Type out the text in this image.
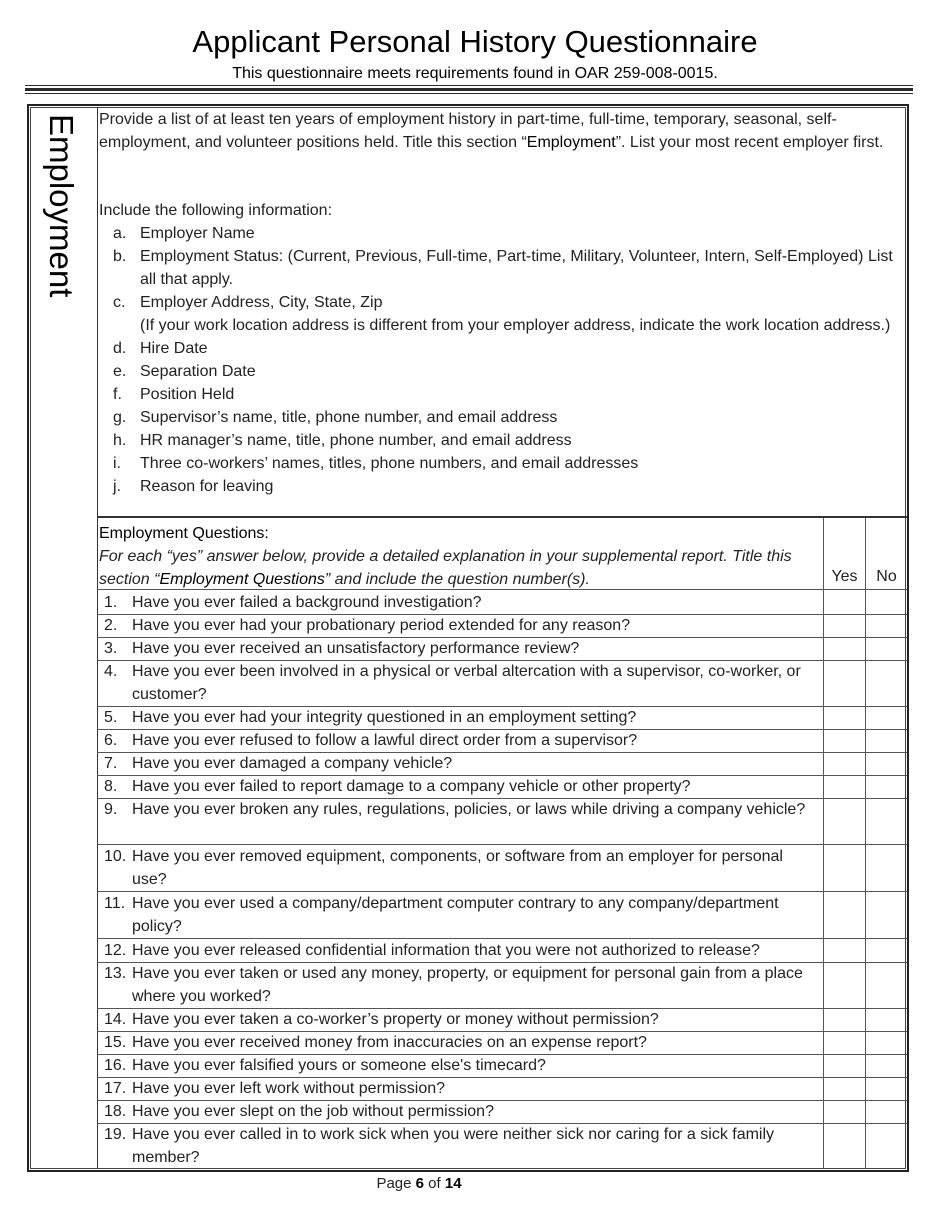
Applicant Personal History Questionnaire
This questionnaire meets requirements found in OAR 259-008-0015.
Employment	Provide a list of at least ten years of employment history in part-time, full-time, temporary, seasonal, self-employment, and volunteer positions held. Title this section “Employment”. List your most recent employer first.
Include the following information:
a. Employer Name
b. Employment Status: (Current, Previous, Full-time, Part-time, Military, Volunteer, Intern, Self-Employed) List all that apply.
c. Employer Address, City, State, Zip
(If your work location address is different from your employer address, indicate the work location address.)
d. Hire Date
e. Separation Date
f. Position Held
g. Supervisor’s name, title, phone number, and email address
h. HR manager’s name, title, phone number, and email address
i. Three co-workers’ names, titles, phone numbers, and email addresses
j. Reason for leaving
Employment Questions:
For each “yes” answer below, provide a detailed explanation in your supplemental report. Title this section “Employment Questions” and include the question number(s).	Yes	No
1. Have you ever failed a background investigation?
2. Have you ever had your probationary period extended for any reason?
3. Have you ever received an unsatisfactory performance review?
4. Have you ever been involved in a physical or verbal altercation with a supervisor, co-worker, or customer?
5. Have you ever had your integrity questioned in an employment setting?
6. Have you ever refused to follow a lawful direct order from a supervisor?
7. Have you ever damaged a company vehicle?
8. Have you ever failed to report damage to a company vehicle or other property?
9. Have you ever broken any rules, regulations, policies, or laws while driving a company vehicle?
10. Have you ever removed equipment, components, or software from an employer for personal use?
11. Have you ever used a company/department computer contrary to any company/department policy?
12. Have you ever released confidential information that you were not authorized to release?
13. Have you ever taken or used any money, property, or equipment for personal gain from a place where you worked?
14. Have you ever taken a co-worker’s property or money without permission?
15. Have you ever received money from inaccuracies on an expense report?
16. Have you ever falsified yours or someone else's timecard?
17. Have you ever left work without permission?
18. Have you ever slept on the job without permission?
19. Have you ever called in to work sick when you were neither sick nor caring for a sick family member?
Page 6 of 14
